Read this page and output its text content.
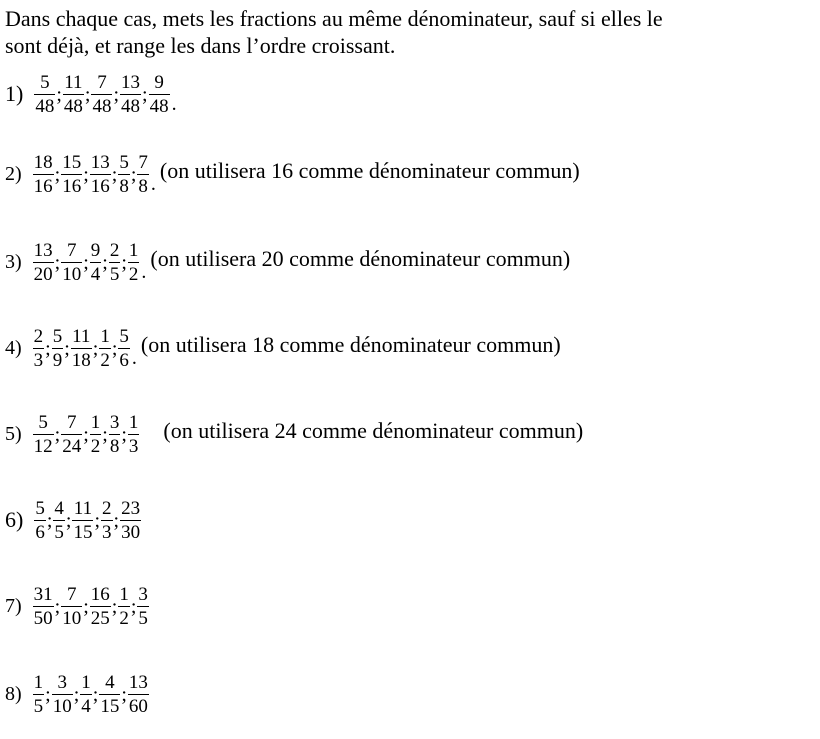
Dans chaque cas, mets les fractions au même dénominateur, sauf si elles le
sont déjà, et range les dans l’ordre croissant.
$1) \frac{5}{48}$ ; $\frac{11}{48}$ ; $\frac{7}{48}$ ; $\frac{13}{48}$ ; $\frac{9}{48}$ .
$2) \frac{18}{16}$ ; $\frac{15}{16}$ ; $\frac{13}{16}$ ; $\frac{5}{8}$ ; $\frac{7}{8}$ .
(on utilisera 16 comme dénominateur commun)
$3) \frac{13}{20}$ ; $\frac{7}{10}$ ; $\frac{9}{4}$ ; $\frac{2}{5}$ ; $\frac{1}{2}$ .
(on utilisera 20 comme dénominateur commun)
$4) \frac{2}{3}$ ; $\frac{5}{9}$ ; $\frac{11}{18}$ ; $\frac{1}{2}$ ; $\frac{5}{6}$ .
(on utilisera 18 comme dénominateur commun)
$5) \frac{5}{12}$ ; $\frac{7}{24}$ ; $\frac{1}{2}$ ; $\frac{3}{8}$ ; $\frac{1}{3} (on$ utilisera 24 comme dénominateur commun)
$6) \frac{5}{6}$ ; $\frac{4}{5}$ ; $\frac{11}{15}$ ; $\frac{2}{3}$ ; $\frac{23}{30}$
$7) \frac{31}{50}$ ; $\frac{7}{10}$ ; $\frac{16}{25}$ ; $\frac{1}{2}$ ; $\frac{3}{5}$
$8) \frac{1}{5}$ ; $\frac{3}{10}$ ; $\frac{1}{4}$ ; $\frac{4}{15}$ ; $\frac{13}{60}$
